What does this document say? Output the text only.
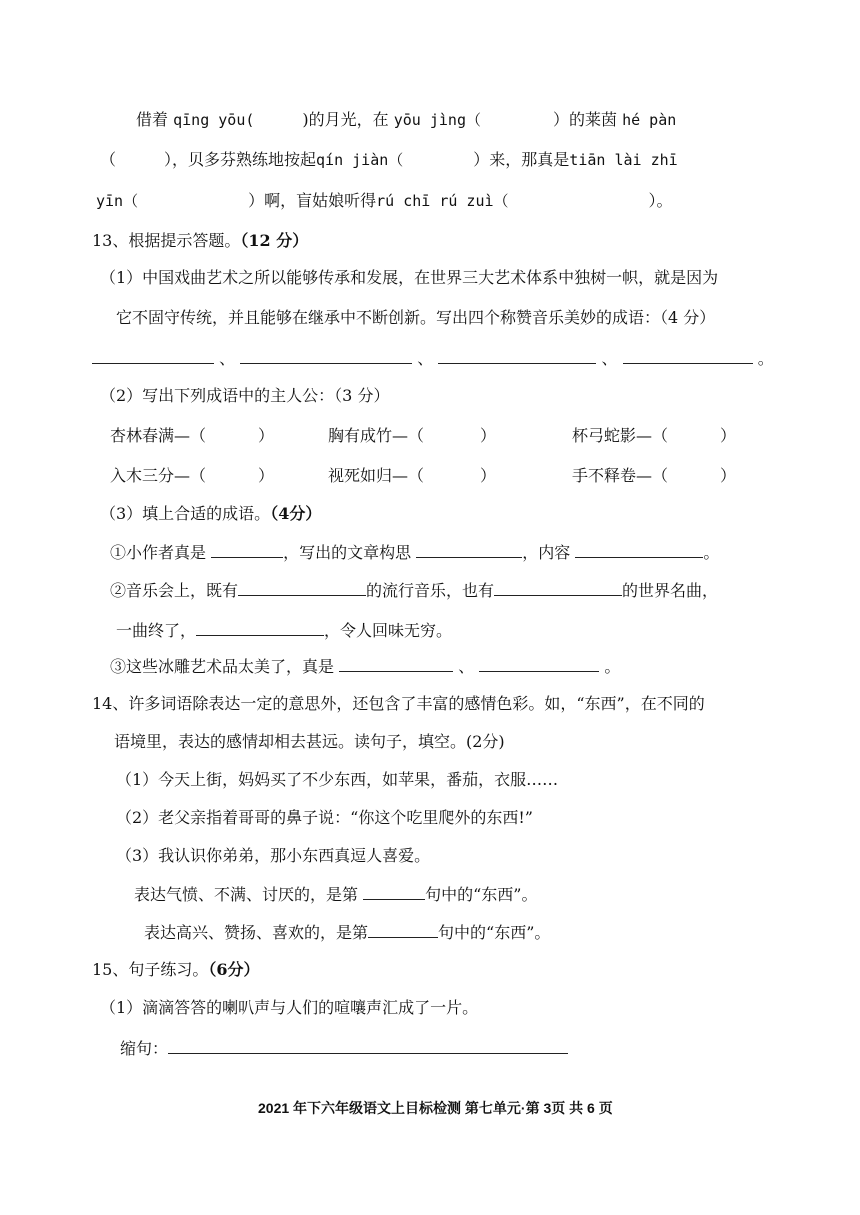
借着 qīng yōu(	)的月光，在 yōu jìng（	）的莱茵 hé pàn
（	），贝多芬熟练地按起qín jiàn（	）来，那真是tiān lài zhī
yīn（	）啊，盲姑娘听得rú chī rú zuì（	）。
13、根据提示答题。（12 分）
（1）中国戏曲艺术之所以能够传承和发展，在世界三大艺术体系中独树一帜，就是因为
它不固守传统，并且能够在继承中不断创新。写出四个称赞音乐美妙的成语：（4 分）
、	、	、	。
（2）写出下列成语中的主人公：（3 分）
杏林春满—（	）	胸有成竹—（	）	杯弓蛇影—（	）
入木三分—（	）	视死如归—（	）	手不释卷—（	）
（3）填上合适的成语。（4分）
①小作者真是	，写出的文章构思	，内容	。
②音乐会上，既有	的流行音乐，也有	的世界名曲，
一曲终了，	，令人回味无穷。
③这些冰雕艺术品太美了，真是	、	。
14、许多词语除表达一定的意思外，还包含了丰富的感情色彩。如，“东西”，在不同的
语境里，表达的感情却相去甚远。读句子，填空。(2分)
（1）今天上街，妈妈买了不少东西，如苹果，番茄，衣服……
（2）老父亲指着哥哥的鼻子说：“你这个吃里爬外的东西!”
（3）我认识你弟弟，那小东西真逗人喜爱。
表达气愤、不满、讨厌的，是第	句中的“东西”。
表达高兴、赞扬、喜欢的，是第	句中的“东西”。
15、句子练习。（6分）
（1）滴滴答答的喇叭声与人们的喧嚷声汇成了一片。
缩句：
2021 年下六年级语文上目标检测 第七单元·第 3页 共 6 页
